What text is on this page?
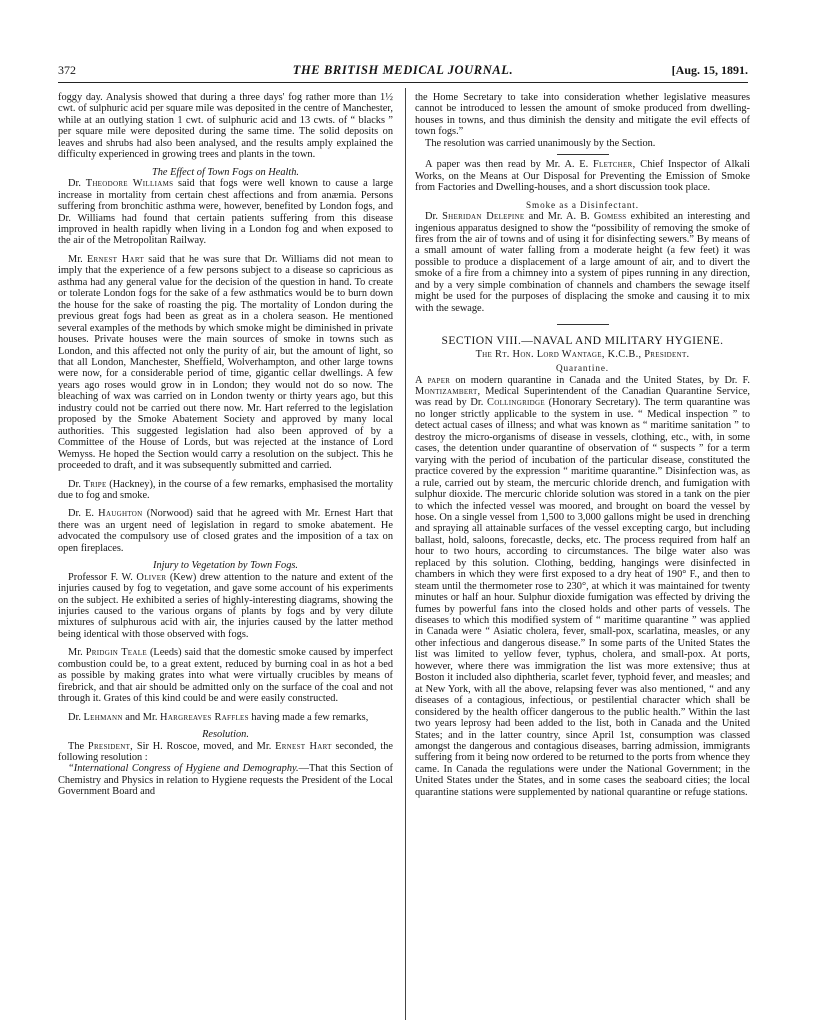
372	THE BRITISH MEDICAL JOURNAL.	[Aug. 15, 1891.

foggy day. Analysis showed that during a three days' fog rather more than 1½ cwt. of sulphuric acid per square mile was deposited in the centre of Manchester, while at an outlying station 1 cwt. of sulphuric acid and 13 cwts. of “ blacks ” per square mile were deposited during the same time. The solid deposits on leaves and shrubs had also been analysed, and the results amply explained the difficulty experienced in growing trees and plants in the town.

The Effect of Town Fogs on Health.

Dr. Theodore Williams said that fogs were well known to cause a large increase in mortality from certain chest affections and from anæmia. Persons suffering from bronchitic asthma were, however, benefited by London fogs, and Dr. Williams had found that certain patients suffering from this disease improved in health rapidly when living in a London fog and when exposed to the air of the Metropolitan Railway.

Mr. Ernest Hart said that he was sure that Dr. Williams did not mean to imply that the experience of a few persons subject to a disease so capricious as asthma had any general value for the decision of the question in hand. To create or tolerate London fogs for the sake of a few asthmatics would be to burn down the house for the sake of roasting the pig. The mortality of London during the previous great fogs had been as great as in a cholera season. He mentioned several examples of the methods by which smoke might be diminished in private houses. Private houses were the main sources of smoke in towns such as London, and this affected not only the purity of air, but the amount of light, so that all London, Manchester, Sheffield, Wolverhampton, and other large towns were now, for a considerable period of time, gigantic cellar dwellings. A few years ago roses would grow in in London; they would not do so now. The bleaching of wax was carried on in London twenty or thirty years ago, but this industry could not be carried out there now. Mr. Hart referred to the legislation proposed by the Smoke Abatement Society and approved by many local authorities. This suggested legislation had also been approved of by a Committee of the House of Lords, but was rejected at the instance of Lord Wemyss. He hoped the Section would carry a resolution on the subject. This he proceeded to draft, and it was subsequently submitted and carried.

Dr. Tripe (Hackney), in the course of a few remarks, emphasised the mortality due to fog and smoke.

Dr. E. Haughton (Norwood) said that he agreed with Mr. Ernest Hart that there was an urgent need of legislation in regard to smoke abatement. He advocated the compulsory use of closed grates and the imposition of a tax on open fireplaces.

Injury to Vegetation by Town Fogs.

Professor F. W. Oliver (Kew) drew attention to the nature and extent of the injuries caused by fog to vegetation, and gave some account of his experiments on the subject. He exhibited a series of highly-interesting diagrams, showing the injuries caused to the various organs of plants by fogs and by very dilute mixtures of sulphurous acid with air, the injuries caused by the latter method being identical with those observed with fogs.

Mr. Pridgin Teale (Leeds) said that the domestic smoke caused by imperfect combustion could be, to a great extent, reduced by burning coal in as hot a bed as possible by making grates into what were virtually crucibles by means of firebrick, and that air should be admitted only on the surface of the coal and not through it. Grates of this kind could be and were easily constructed.

Dr. Lehmann and Mr. Hargreaves Raffles having made a few remarks,

Resolution.

The President, Sir H. Roscoe, moved, and Mr. Ernest Hart seconded, the following resolution :

“International Congress of Hygiene and Demography.—That this Section of Chemistry and Physics in relation to Hygiene requests the President of the Local Government Board and

the Home Secretary to take into consideration whether legislative measures cannot be introduced to lessen the amount of smoke produced from dwelling-houses in towns, and thus diminish the density and mitigate the evil effects of town fogs.”

The resolution was carried unanimously by the Section.

A paper was then read by Mr. A. E. Fletcher, Chief Inspector of Alkali Works, on the Means at Our Disposal for Preventing the Emission of Smoke from Factories and Dwelling-houses, and a short discussion took place.

Smoke as a Disinfectant.

Dr. Sheridan Delepine and Mr. A. B. Gomess exhibited an interesting and ingenious apparatus designed to show the “possibility of removing the smoke of fires from the air of towns and of using it for disinfecting sewers.” By means of a small amount of water falling from a moderate height (a few feet) it was possible to produce a displacement of a large amount of air, and to divert the smoke of a fire from a chimney into a system of pipes running in any direction, and by a very simple combination of channels and chambers the sewage itself might be used for the purposes of displacing the smoke and causing it to mix with the sewage.

SECTION VIII.—NAVAL AND MILITARY HYGIENE.

The Rt. Hon. Lord Wantage, K.C.B., President.

Quarantine.

A paper on modern quarantine in Canada and the United States, by Dr. F. Montizambert, Medical Superintendent of the Canadian Quarantine Service, was read by Dr. Collingridge (Honorary Secretary). The term quarantine was no longer strictly applicable to the system in use. “ Medical inspection ” to detect actual cases of illness; and what was known as “ maritime sanitation ” to destroy the micro-organisms of disease in vessels, clothing, etc., with, in some cases, the detention under quarantine of observation of “ suspects ” for a term varying with the period of incubation of the particular disease, constituted the practice covered by the expression “ maritime quarantine.” Disinfection was, as a rule, carried out by steam, the mercuric chloride drench, and fumigation with sulphur dioxide. The mercuric chloride solution was stored in a tank on the pier to which the infected vessel was moored, and brought on board the vessel by hose. On a single vessel from 1,500 to 3,000 gallons might be used in drenching and spraying all attainable surfaces of the vessel excepting cargo, but including ballast, hold, saloons, forecastle, decks, etc. The process required from half an hour to two hours, according to circumstances. The bilge water also was replaced by this solution. Clothing, bedding, hangings were disinfected in chambers in which they were first exposed to a dry heat of 190° F., and then to steam until the thermometer rose to 230°, at which it was maintained for twenty minutes or half an hour. Sulphur dioxide fumigation was effected by driving the fumes by powerful fans into the closed holds and other parts of vessels. The diseases to which this modified system of “ maritime quarantine ” was applied in Canada were “ Asiatic cholera, fever, small-pox, scarlatina, measles, or any other infectious and dangerous disease.” In some parts of the United States the list was limited to yellow fever, typhus, cholera, and small-pox. At ports, however, where there was immigration the list was more extensive; thus at Boston it included also diphtheria, scarlet fever, typhoid fever, and measles; and at New York, with all the above, relapsing fever was also mentioned, “ and any diseases of a contagious, infectious, or pestilential character which shall be considered by the health officer dangerous to the public health.” Within the last two years leprosy had been added to the list, both in Canada and the United States; and in the latter country, since April 1st, consumption was classed amongst the dangerous and contagious diseases, barring admission, immigrants suffering from it being now ordered to be returned to the ports from whence they came. In Canada the regulations were under the National Government; in the United States under the States, and in some cases the seaboard cities; the local quarantine stations were supplemented by national quarantine or refuge stations.
